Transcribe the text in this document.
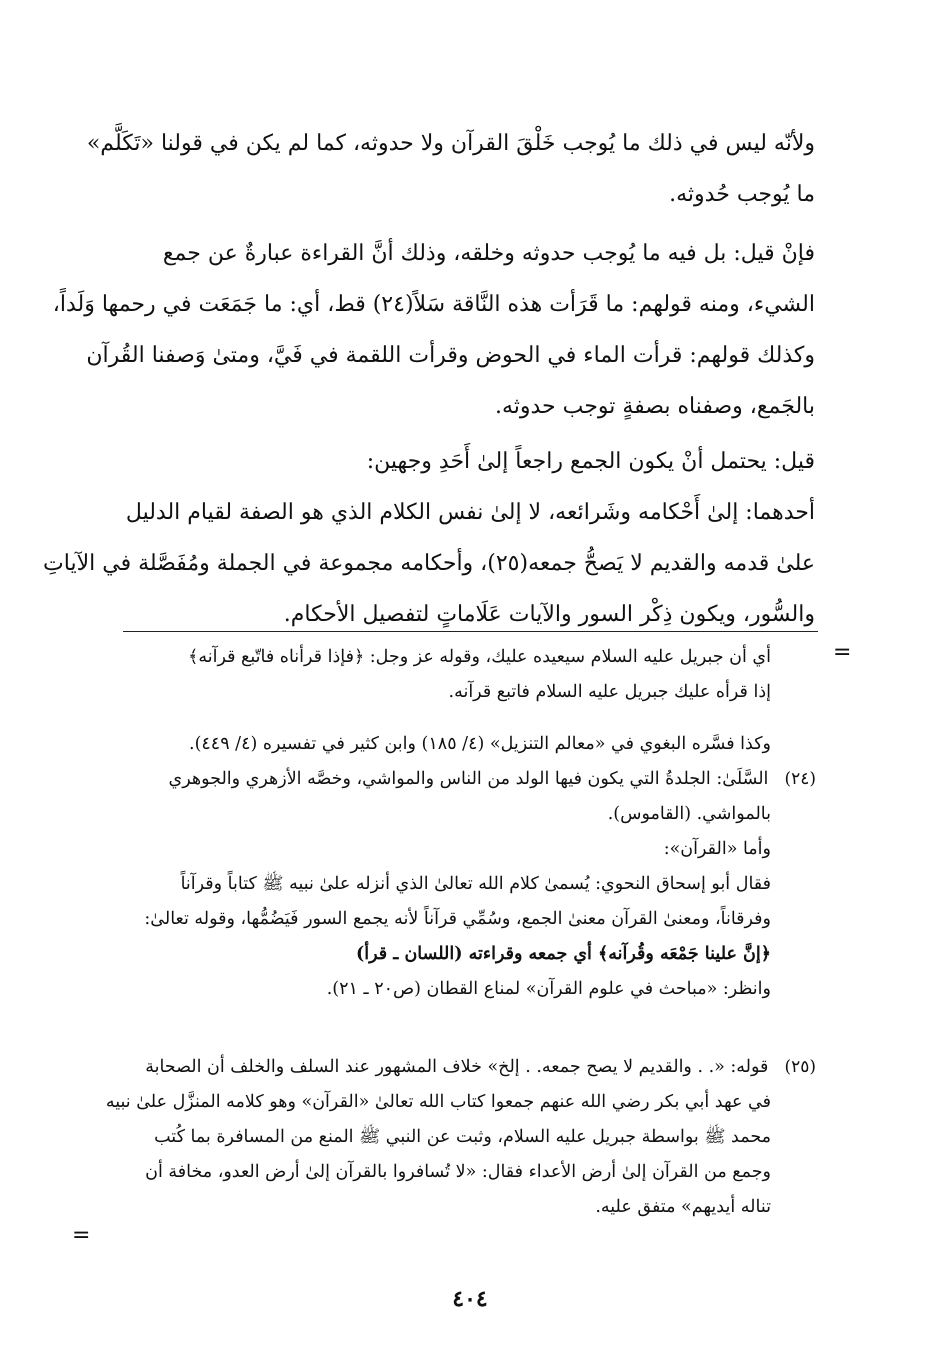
ولأنّه ليس في ذلك ما يُوجب خَلْقَ القرآن ولا حدوثه، كما لم يكن في قولنا «تَكَلَّم»
ما يُوجب حُدوثه.
فإنْ قيل: بل فيه ما يُوجب حدوثه وخلقه، وذلك أنَّ القراءة عبارةٌ عن جمع
الشيء، ومنه قولهم: ما قَرَأت هذه النَّاقة سَلاً(٢٤) قط، أي: ما جَمَعَت في رحمها وَلَداً،
وكذلك قولهم: قرأت الماء في الحوض وقرأت اللقمة في فَيَّ، ومتىٰ وَصفنا القُرآن
بالجَمع، وصفناه بصفةٍ توجب حدوثه.
قيل: يحتمل أنْ يكون الجمع راجعاً إلىٰ أَحَدِ وجهين:
أحدهما: إلىٰ أَحْكامه وشَرائعه، لا إلىٰ نفس الكلام الذي هو الصفة لقيام الدليل
علىٰ قدمه والقديم لا يَصحُّ جمعه(٢٥)، وأحكامه مجموعة في الجملة ومُفَصَّلة في الآياتِ
والسُّور، ويكون ذِكْر السور والآيات عَلَاماتٍ لتفصيل الأحكام.
=
=
أي أن جبريل عليه السلام سيعيده عليك، وقوله عز وجل: ﴿فإذا قرأناه فاتّبع قرآنه﴾
إذا قرأه عليك جبريل عليه السلام فاتبع قرآنه.
وكذا فسَّره البغوي في «معالم التنزيل» (٤/ ١٨٥) وابن كثير في تفسيره (٤/ ٤٤٩).
(٢٤) السَّلَىٰ: الجلدةُ التي يكون فيها الولد من الناس والمواشي، وخصَّه الأزهري والجوهري
بالمواشي. (القاموس).
وأما «القرآن»:
فقال أبو إسحاق النحوي: يُسمىٰ كلام الله تعالىٰ الذي أنزله علىٰ نبيه ﷺ كتاباً وقرآناً
وفرقاناً، ومعنىٰ القرآن معنىٰ الجمع، وسُمِّي قرآناً لأنه يجمع السور فَيَضُمُّها، وقوله تعالىٰ:
﴿إنَّ علينا جَمْعَه وقُرآنه﴾ أي جمعه وقراءته (اللسان ـ قرأ)
وانظر: «مباحث في علوم القرآن» لمناع القطان (ص٢٠ ـ ٢١).
(٢٥) قوله: «. . والقديم لا يصح جمعه. . إلخ» خلاف المشهور عند السلف والخلف أن الصحابة
في عهد أبي بكر رضي الله عنهم جمعوا كتاب الله تعالىٰ «القرآن» وهو كلامه المنزَّل علىٰ نبيه
محمد ﷺ بواسطة جبريل عليه السلام، وثبت عن النبي ﷺ المنع من المسافرة بما كُتب
وجمع من القرآن إلىٰ أرض الأعداء فقال: «لا تُسافروا بالقرآن إلىٰ أرض العدو، مخافة أن
تناله أيديهم» متفق عليه.
٤٠٤
